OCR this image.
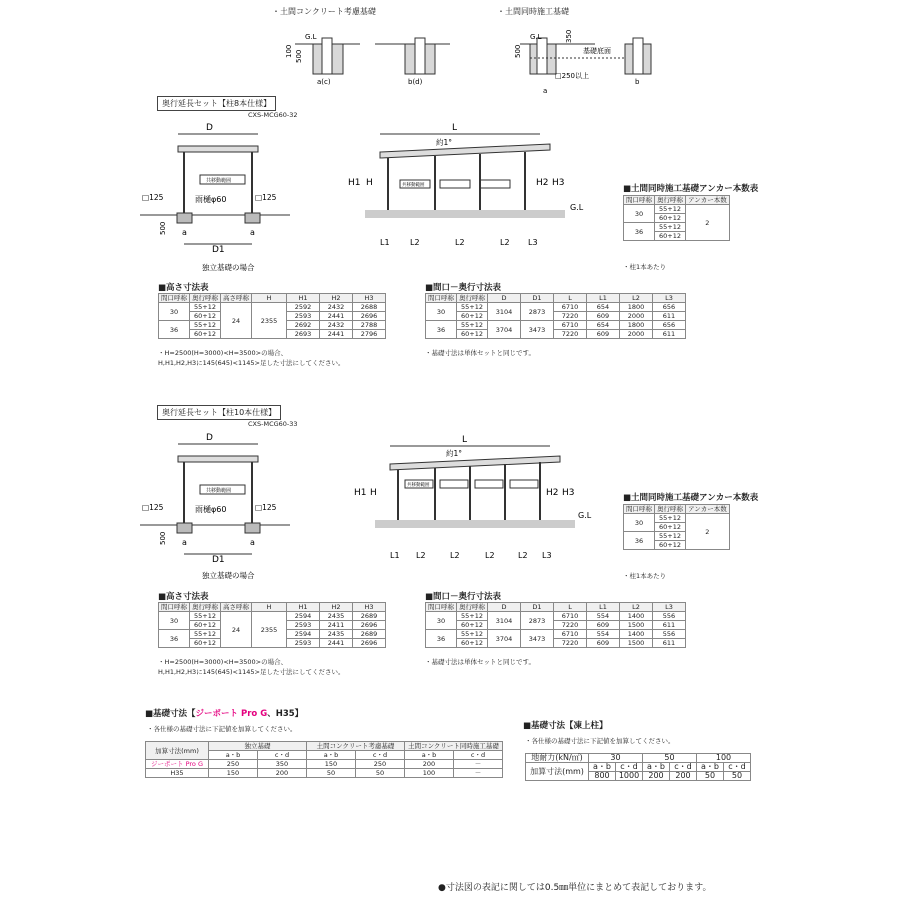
・土間コンクリート考慮基礎	・土間同時施工基礎
G.L
100 500
a(c)	b(d)
G.L	350
500	基礎底面
□250以上
a
b
奥行延長セット【柱8本仕様】
CXS-MCG60-32
D
共移動範囲
□125	□125
雨樋φ60
a	a
500
D1
独立基礎の場合
L
約1°
H1 H	H2 H3
共移動範囲
G.L
L1	L2	L2	L2 L3
■土間同時施工基礎アンカー本数表
間口呼称	奥行呼称	アンカー本数
30	55+12	2
	60+12	
36	55+12	
	60+12	
・柱1本あたり
■高さ寸法表
間口呼称	奥行呼称	高さ呼称	H	H1	H2	H3
30	55+12	24	2355	2592	2432	2688
	60+12			2593	2441	2696
36	55+12			2692	2432	2788
	60+12			2693	2441	2796
・H=2500(H=3000)<H=3500>の場合、
H,H1,H2,H3に145(645)<1145>足した寸法にしてください。
■間口－奥行寸法表
間口呼称	奥行呼称	D	D1	L	L1	L2	L3
30	55+12	3104	2873	6710	654	1800	656
	60+12			7220	609	2000	611
36	55+12	3704	3473	6710	654	1800	656
	60+12			7220	609	2000	611
・基礎寸法は単体セットと同じです。
奥行延長セット【柱10本仕様】
CXS-MCG60-33
D
共移動範囲
□125	□125
雨樋φ60
a	a
500
D1
独立基礎の場合
L
約1°
H1 H	H2 H3
共移動範囲
G.L
L1 L2	L2	L2	L2 L3
■土間同時施工基礎アンカー本数表
間口呼称	奥行呼称	アンカー本数
30	55+12	2
	60+12	
36	55+12	
	60+12	
・柱1本あたり
■高さ寸法表
間口呼称	奥行呼称	高さ呼称	H	H1	H2	H3
30	55+12	24	2355	2594	2435	2689
	60+12			2593	2411	2696
36	55+12			2594	2435	2689
	60+12			2593	2441	2696
・H=2500(H=3000)<H=3500>の場合、
H,H1,H2,H3に145(645)<1145>足した寸法にしてください。
■間口－奥行寸法表
間口呼称	奥行呼称	D	D1	L	L1	L2	L3
30	55+12	3104	2873	6710	554	1400	556
	60+12			7220	609	1500	611
36	55+12	3704	3473	6710	554	1400	556
	60+12			7220	609	1500	611
・基礎寸法は単体セットと同じです。
■基礎寸法【ジーポート Pro G、H35】
・各仕様の基礎寸法に下記値を加算してください。
加算寸法(mm)	独立基礎		土間コンクリート考慮基礎		土間コンクリート同時施工基礎	
	a・b	c・d	a・b	c・d	a・b	c・d
ジーポート Pro G	250	350	150	250	200	－
H35	150	200	50	50	100	－
■基礎寸法【凍上柱】
・各仕様の基礎寸法に下記値を加算してください。
地耐力(kN/㎡)	30		50		100	
加算寸法(mm)	a・b	c・d	a・b	c・d	a・b	c・d
	800	1000	200	200	50	50
●寸法図の表記に関しては0.5㎜単位にまとめて表記しております。
